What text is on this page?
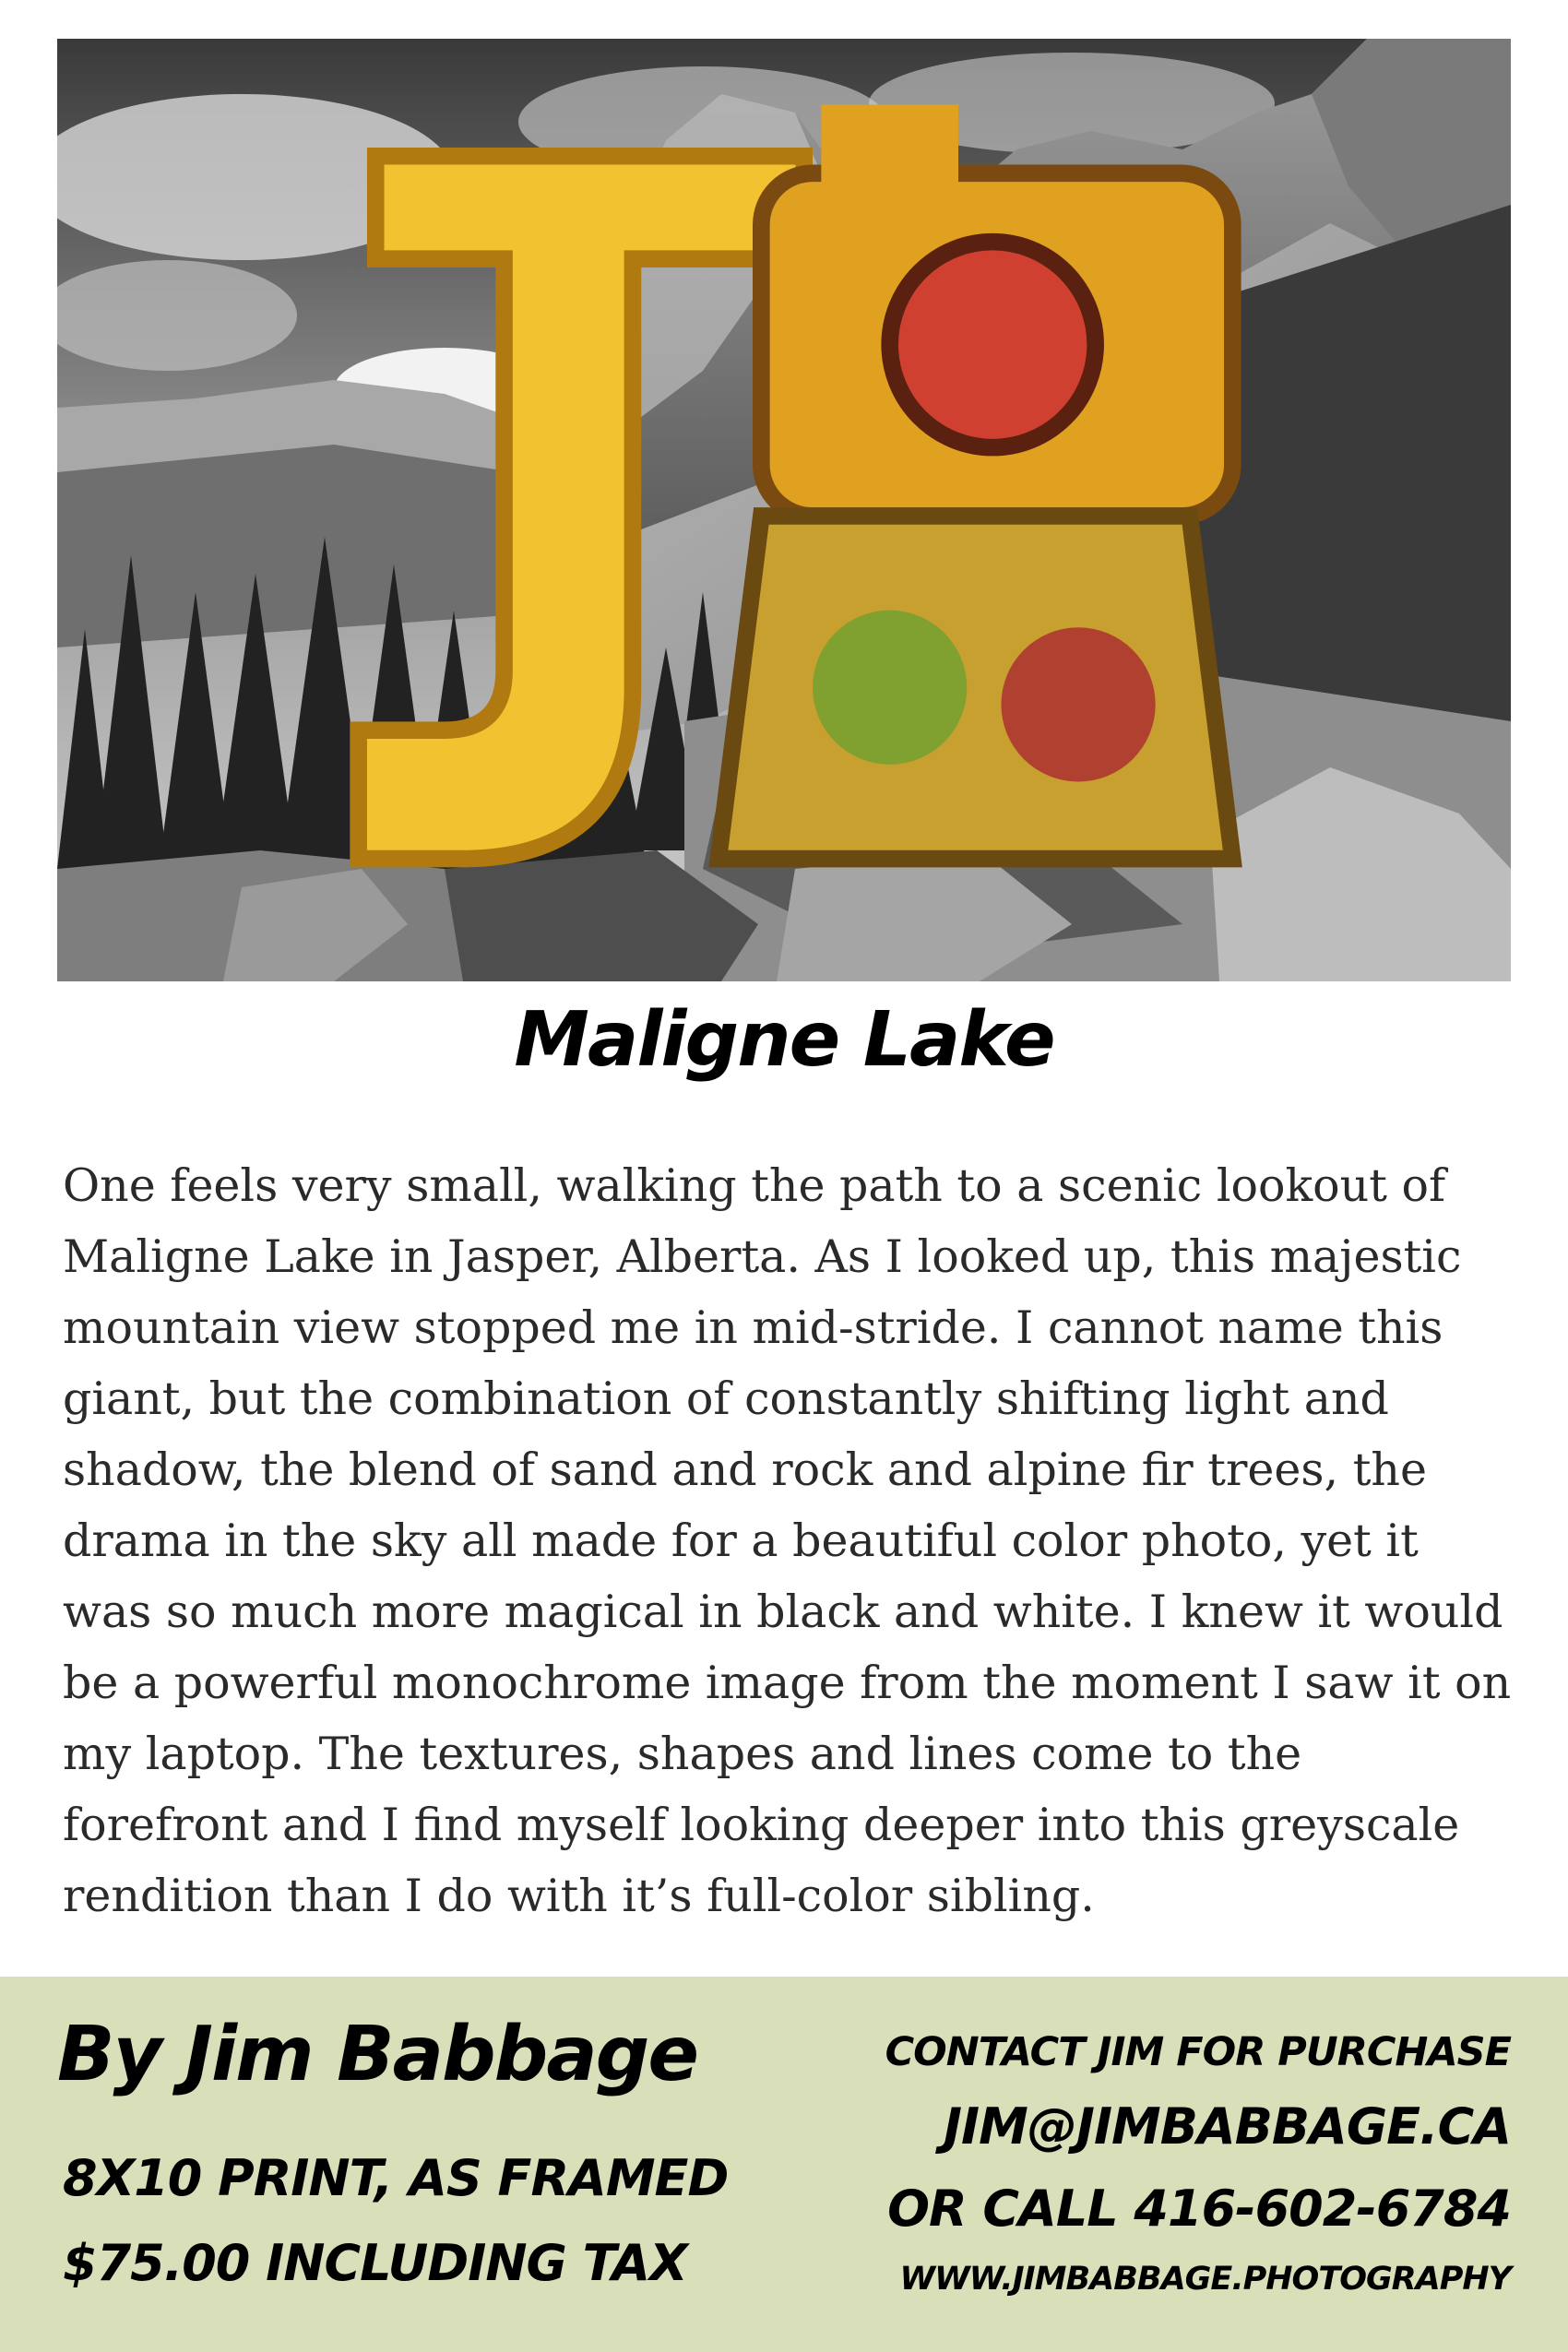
Maligne Lake

One feels very small, walking the path to a scenic lookout of Maligne Lake in Jasper, Alberta. As I looked up, this majestic mountain view stopped me in mid-stride. I cannot name this giant, but the combination of constantly shifting light and shadow, the blend of sand and rock and alpine fir trees, the drama in the sky all made for a beautiful color photo, yet it was so much more magical in black and white. I knew it would be a powerful monochrome image from the moment I saw it on my laptop. The textures, shapes and lines come to the forefront and I find myself looking deeper into this greyscale rendition than I do with it’s full-color sibling.

By Jim Babbage
8X10 PRINT, AS FRAMED
$75.00 INCLUDING TAX
CONTACT JIM FOR PURCHASE
JIM@JIMBABBAGE.CA
OR CALL 416-602-6784
WWW.JIMBABBAGE.PHOTOGRAPHY
